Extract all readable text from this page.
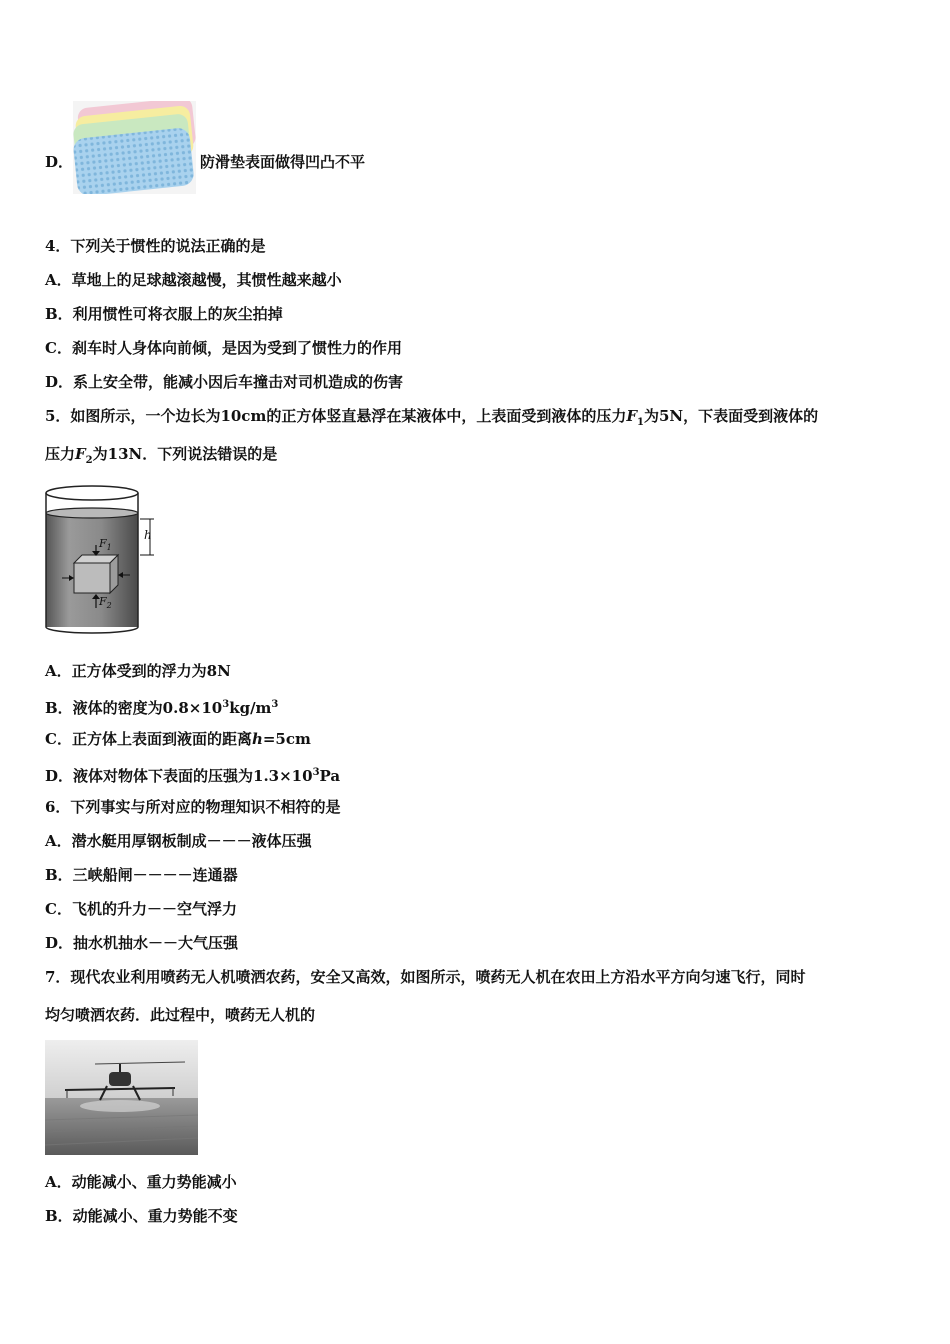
D．	防滑垫表面做得凹凸不平
4．下列关于惯性的说法正确的是
A．草地上的足球越滚越慢，其惯性越来越小
B．利用惯性可将衣服上的灰尘拍掉
C．刹车时人身体向前倾，是因为受到了惯性力的作用
D．系上安全带，能减小因后车撞击对司机造成的伤害
5．如图所示，一个边长为10cm的正方体竖直悬浮在某液体中，上表面受到液体的压力$F_1$为5N，下表面受到液体的
压力$F_2$为13N．下列说法错误的是
h
$F_1$
$F_2$
A．正方体受到的浮力为8N
B．液体的密度为$0.8\times 10^3kg/m^3$
C．正方体上表面到液面的距离h=5cm
D．液体对物体下表面的压强为$1.3\times 10^3Pa$
6．下列事实与所对应的物理知识不相符的是
A．潜水艇用厚钢板制成－－－液体压强
B．三峡船闸－－－－连通器
C．飞机的升力－－空气浮力
D．抽水机抽水－－大气压强
7．现代农业利用喷药无人机喷洒农药，安全又高效，如图所示，喷药无人机在农田上方沿水平方向匀速飞行，同时
均匀喷洒农药．此过程中，喷药无人机的
A．动能减小、重力势能减小
B．动能减小、重力势能不变
